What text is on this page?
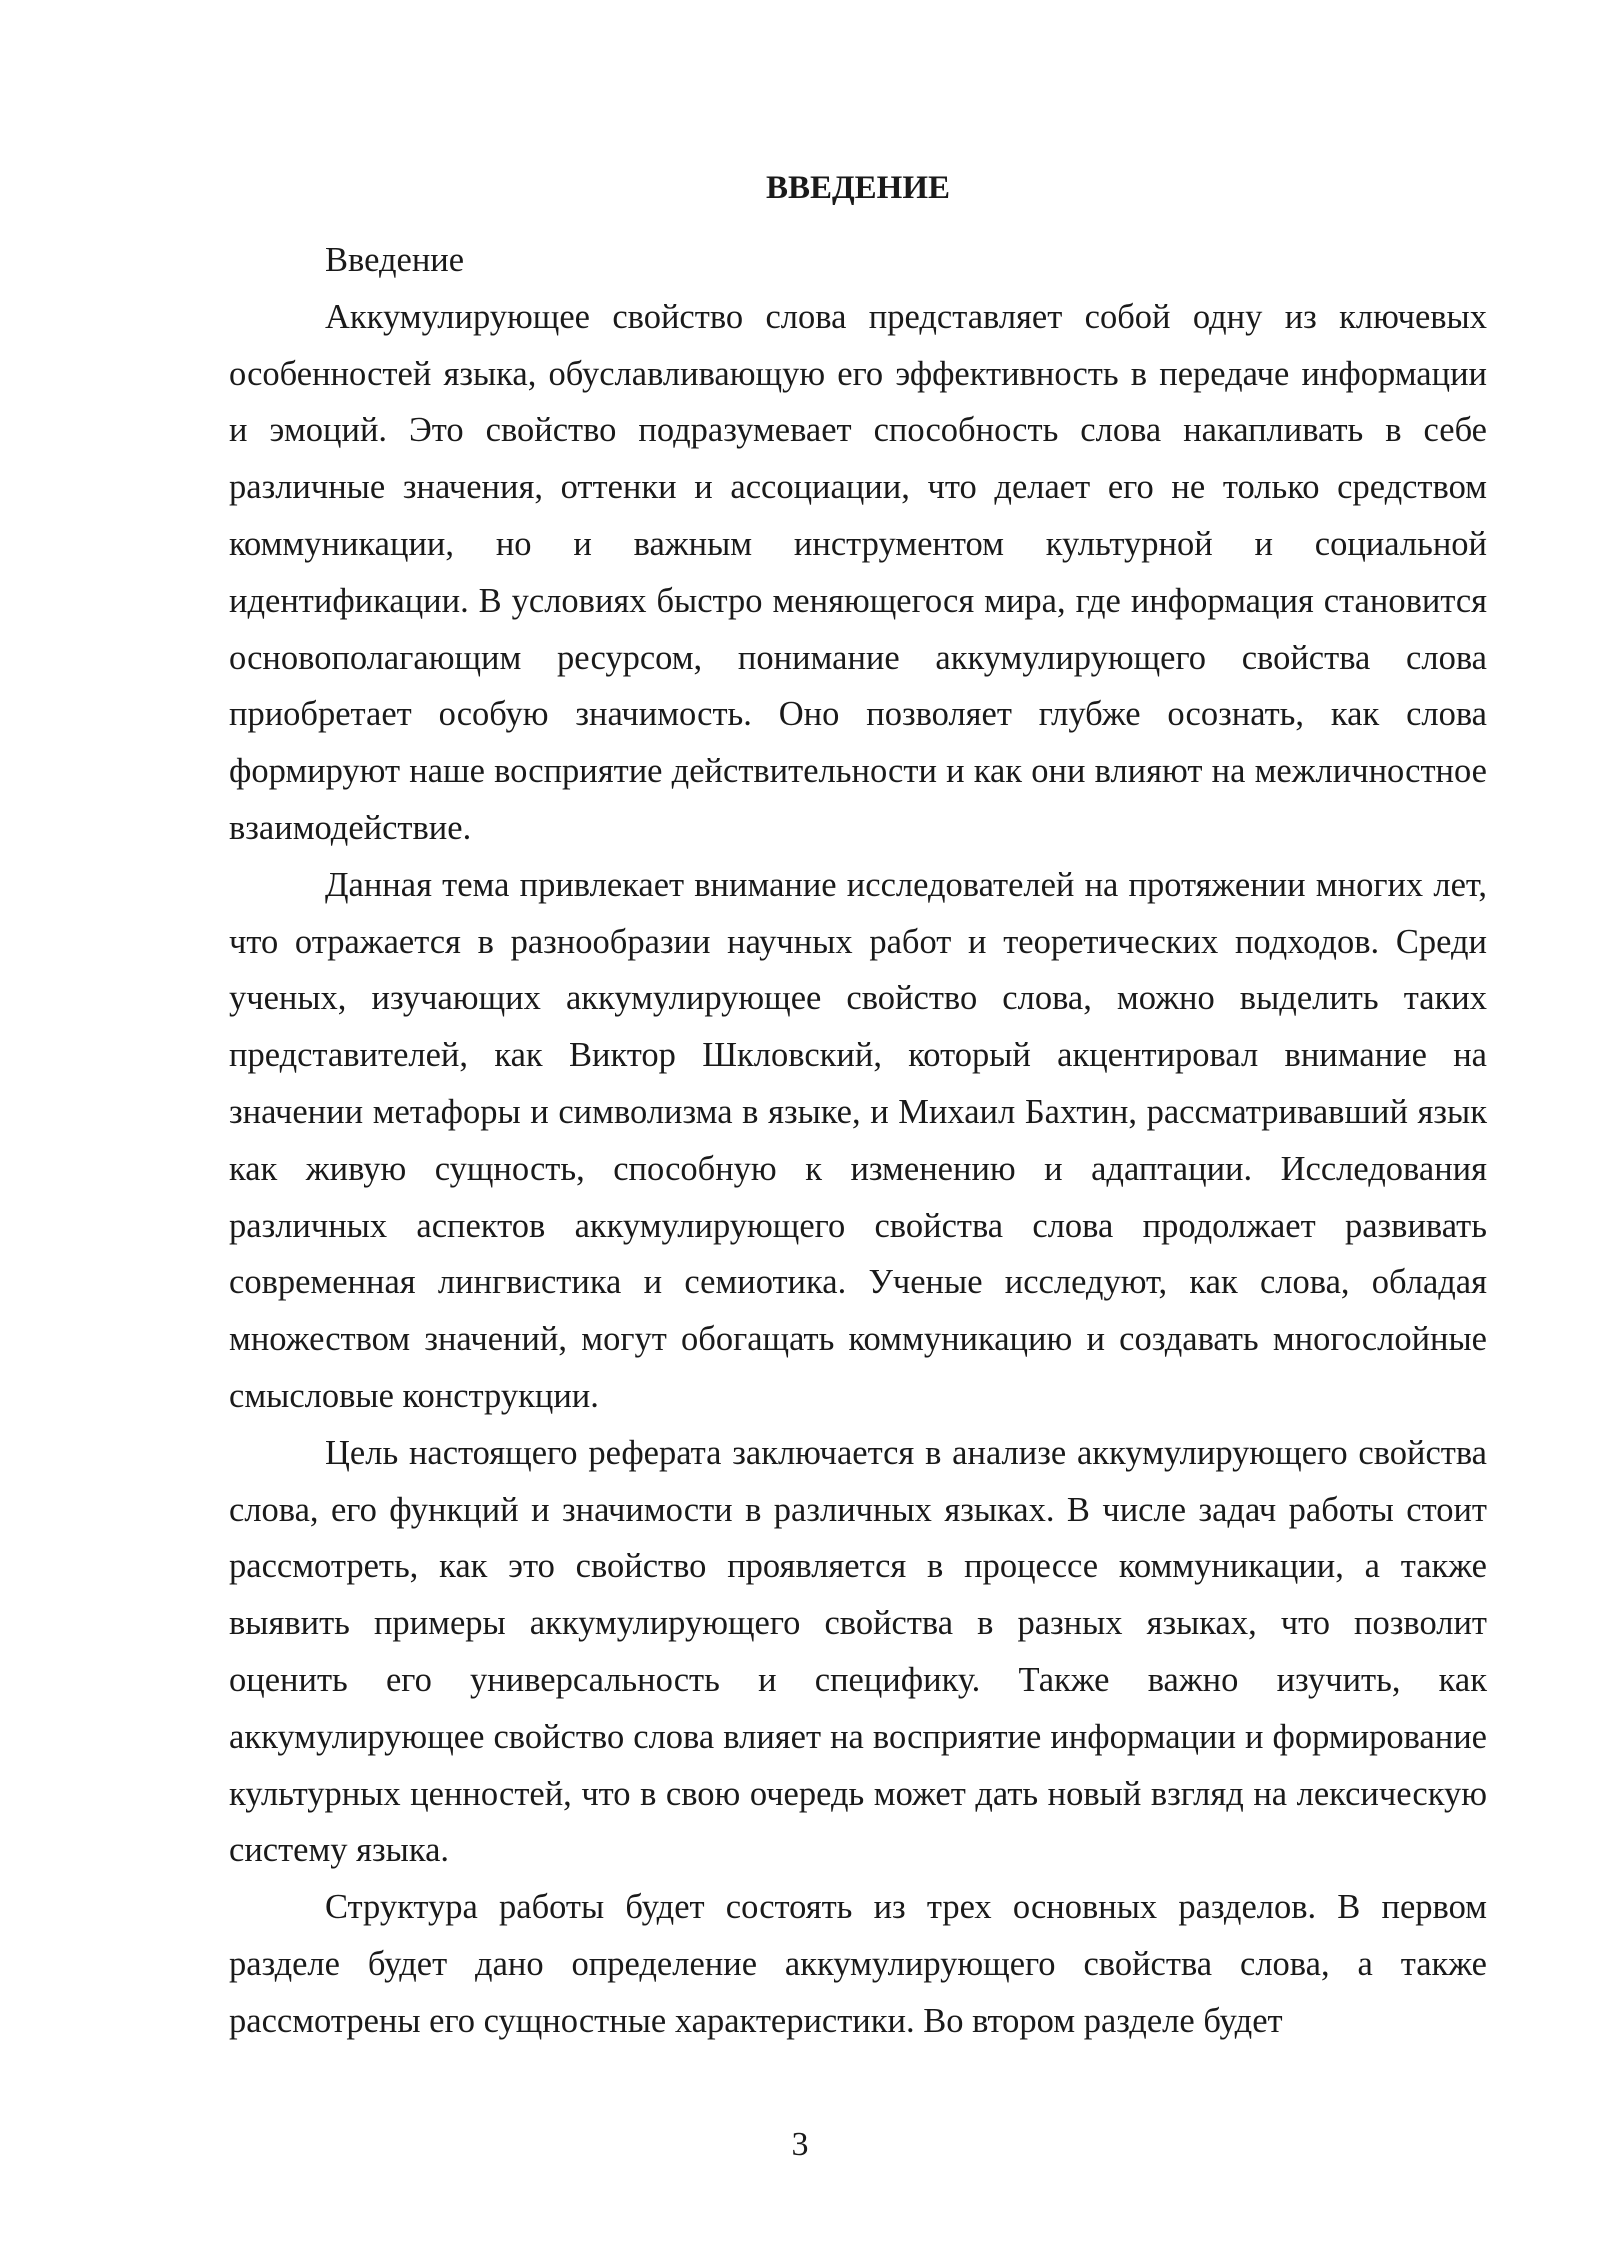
ВВЕДЕНИЕ

Введение

Аккумулирующее свойство слова представляет собой одну из ключевых особенностей языка, обуславливающую его эффективность в передаче информации и эмоций. Это свойство подразумевает способность слова накапливать в себе различные значения, оттенки и ассоциации, что делает его не только средством коммуникации, но и важным инструментом культурной и социальной идентификации. В условиях быстро меняющегося мира, где информация становится основополагающим ресурсом, понимание аккумулирующего свойства слова приобретает особую значимость. Оно позволяет глубже осознать, как слова формируют наше восприятие действительности и как они влияют на межличностное взаимодействие.

Данная тема привлекает внимание исследователей на протяжении многих лет, что отражается в разнообразии научных работ и теоретических подходов. Среди ученых, изучающих аккумулирующее свойство слова, можно выделить таких представителей, как Виктор Шкловский, который акцентировал внимание на значении метафоры и символизма в языке, и Михаил Бахтин, рассматривавший язык как живую сущность, способную к изменению и адаптации. Исследования различных аспектов аккумулирующего свойства слова продолжает развивать современная лингвистика и семиотика. Ученые исследуют, как слова, обладая множеством значений, могут обогащать коммуникацию и создавать многослойные смысловые конструкции.

Цель настоящего реферата заключается в анализе аккумулирующего свойства слова, его функций и значимости в различных языках. В числе задач работы стоит рассмотреть, как это свойство проявляется в процессе коммуникации, а также выявить примеры аккумулирующего свойства в разных языках, что позволит оценить его универсальность и специфику. Также важно изучить, как аккумулирующее свойство слова влияет на восприятие информации и формирование культурных ценностей, что в свою очередь может дать новый взгляд на лексическую систему языка.

Структура работы будет состоять из трех основных разделов. В первом разделе будет дано определение аккумулирующего свойства слова, а также рассмотрены его сущностные характеристики. Во втором разделе будет

3
